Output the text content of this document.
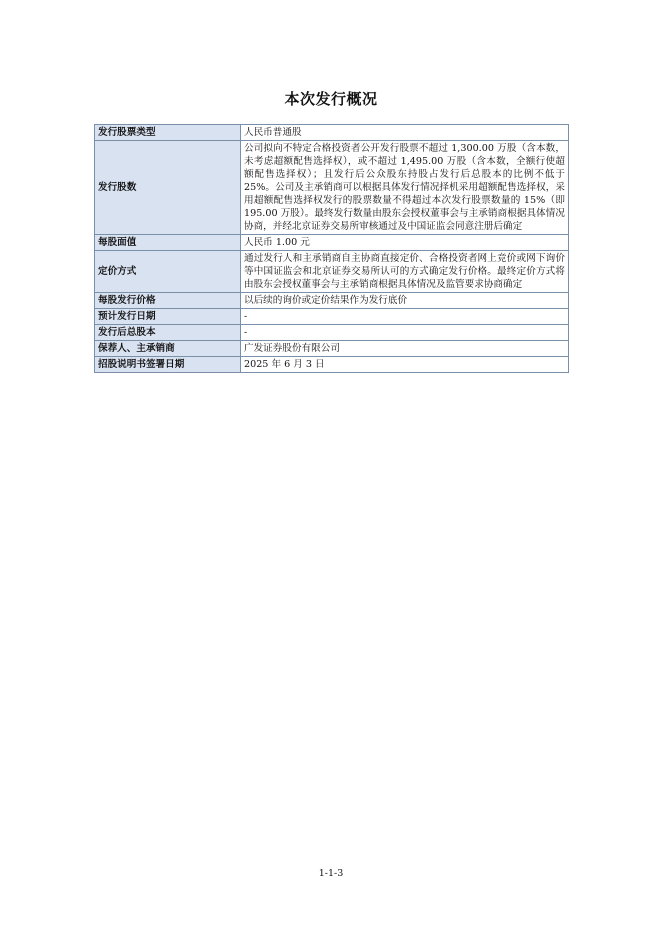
本次发行概况
发行股票类型	人民币普通股
发行股数	公司拟向不特定合格投资者公开发行股票不超过 1,300.00 万股（含本数，未考虑超额配售选择权），或不超过 1,495.00 万股（含本数，全额行使超额配售选择权）；且发行后公众股东持股占发行后总股本的比例不低于 25%。公司及主承销商可以根据具体发行情况择机采用超额配售选择权，采用超额配售选择权发行的股票数量不得超过本次发行股票数量的 15%（即 195.00 万股）。最终发行数量由股东会授权董事会与主承销商根据具体情况协商，并经北京证券交易所审核通过及中国证监会同意注册后确定
每股面值	人民币 1.00 元
定价方式	通过发行人和主承销商自主协商直接定价、合格投资者网上竞价或网下询价等中国证监会和北京证券交易所认可的方式确定发行价格。最终定价方式将由股东会授权董事会与主承销商根据具体情况及监管要求协商确定
每股发行价格	以后续的询价或定价结果作为发行底价
预计发行日期	-
发行后总股本	-
保荐人、主承销商	广发证券股份有限公司
招股说明书签署日期	2025 年 6 月 3 日
1-1-3
